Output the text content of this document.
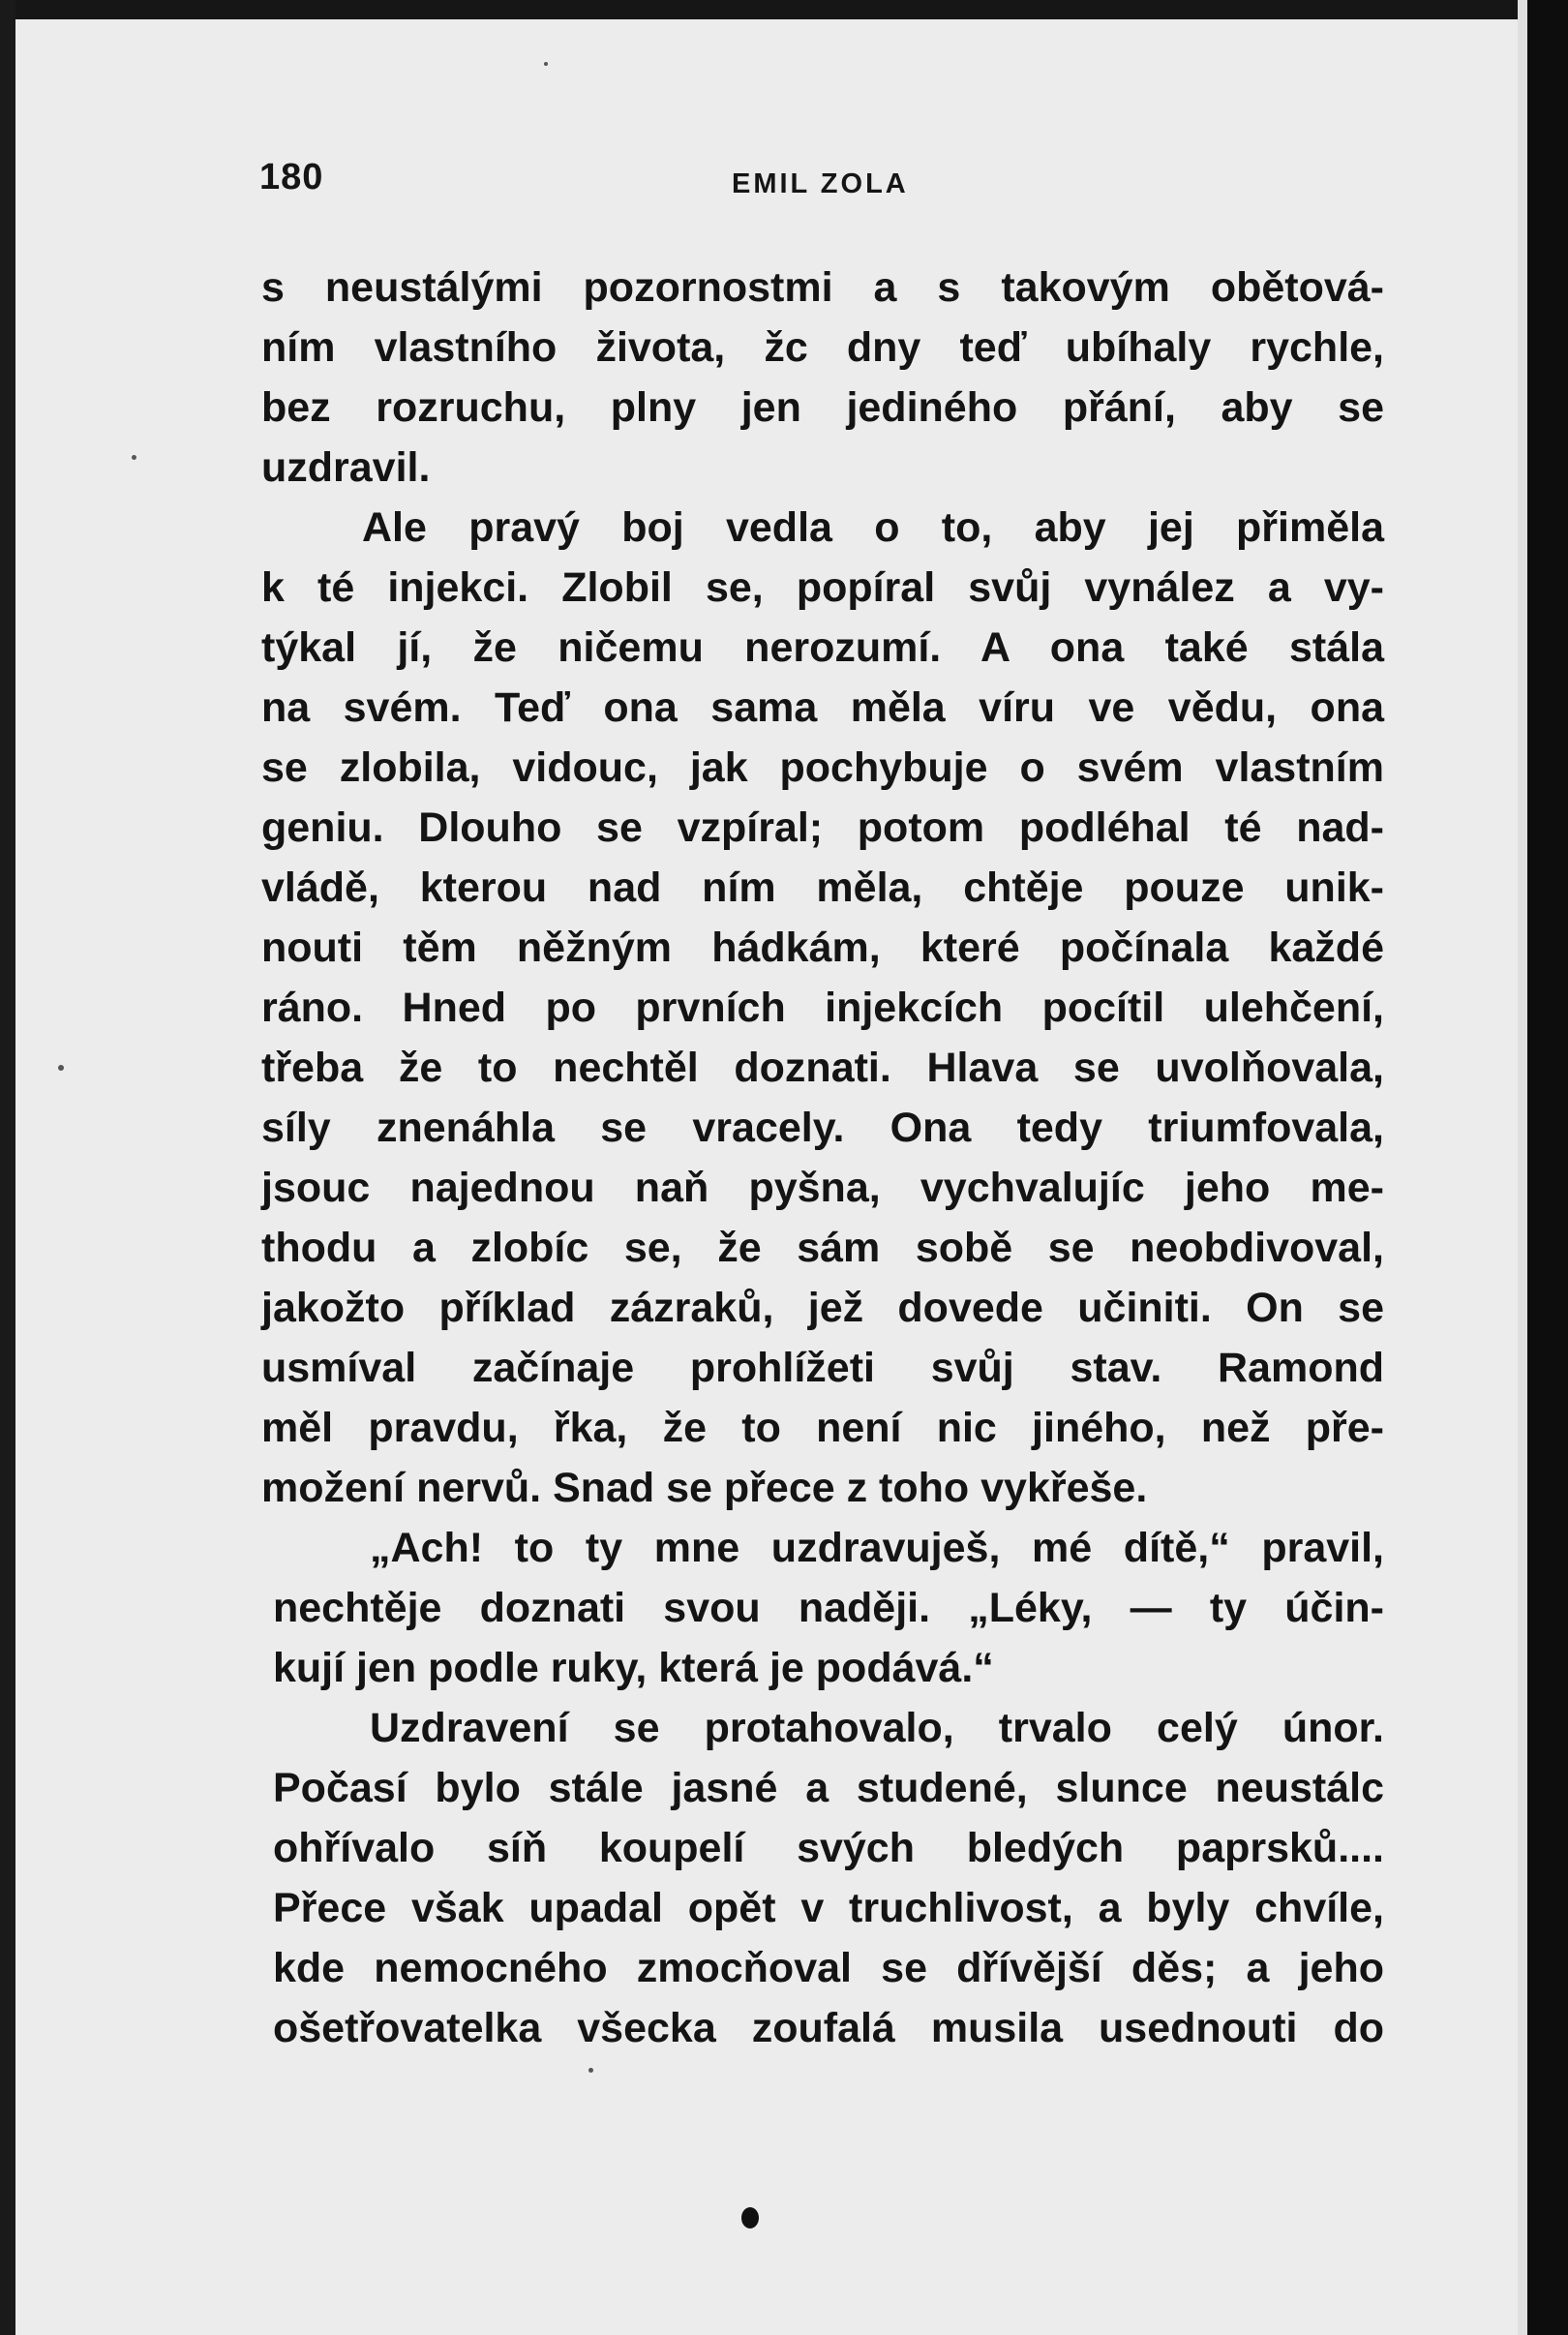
180	EMIL ZOLA
s neustálými pozornostmi a s takovým obětová-
ním vlastního života, žc dny teď ubíhaly rychle,
bez rozruchu, plny jen jediného přání, aby se
uzdravil.
Ale pravý boj vedla o to, aby jej přiměla
k té injekci. Zlobil se, popíral svůj vynález a vy-
týkal jí, že ničemu nerozumí. A ona také stála
na svém. Teď ona sama měla víru ve vědu, ona
se zlobila, vidouc, jak pochybuje o svém vlastním
geniu. Dlouho se vzpíral; potom podléhal té nad-
vládě, kterou nad ním měla, chtěje pouze unik-
nouti těm něžným hádkám, které počínala každé
ráno. Hned po prvních injekcích pocítil ulehčení,
třeba že to nechtěl doznati. Hlava se uvolňovala,
síly znenáhla se vracely. Ona tedy triumfovala,
jsouc najednou naň pyšna, vychvalujíc jeho me-
thodu a zlobíc se, že sám sobě se neobdivoval,
jakožto příklad zázraků, jež dovede učiniti. On se
usmíval začínaje prohlížeti svůj stav. Ramond
měl pravdu, řka, že to není nic jiného, než pře-
možení nervů. Snad se přece z toho vykřeše.
„Ach! to ty mne uzdravuješ, mé dítě,“ pravil,
nechtěje doznati svou naději. „Léky, — ty účin-
kují jen podle ruky, která je podává.“
Uzdravení se protahovalo, trvalo celý únor.
Počasí bylo stále jasné a studené, slunce neustálc
ohřívalo síň koupelí svých bledých paprsků....
Přece však upadal opět v truchlivost, a byly chvíle,
kde nemocného zmocňoval se dřívější děs; a jeho
ošetřovatelka všecka zoufalá musila usednouti do
